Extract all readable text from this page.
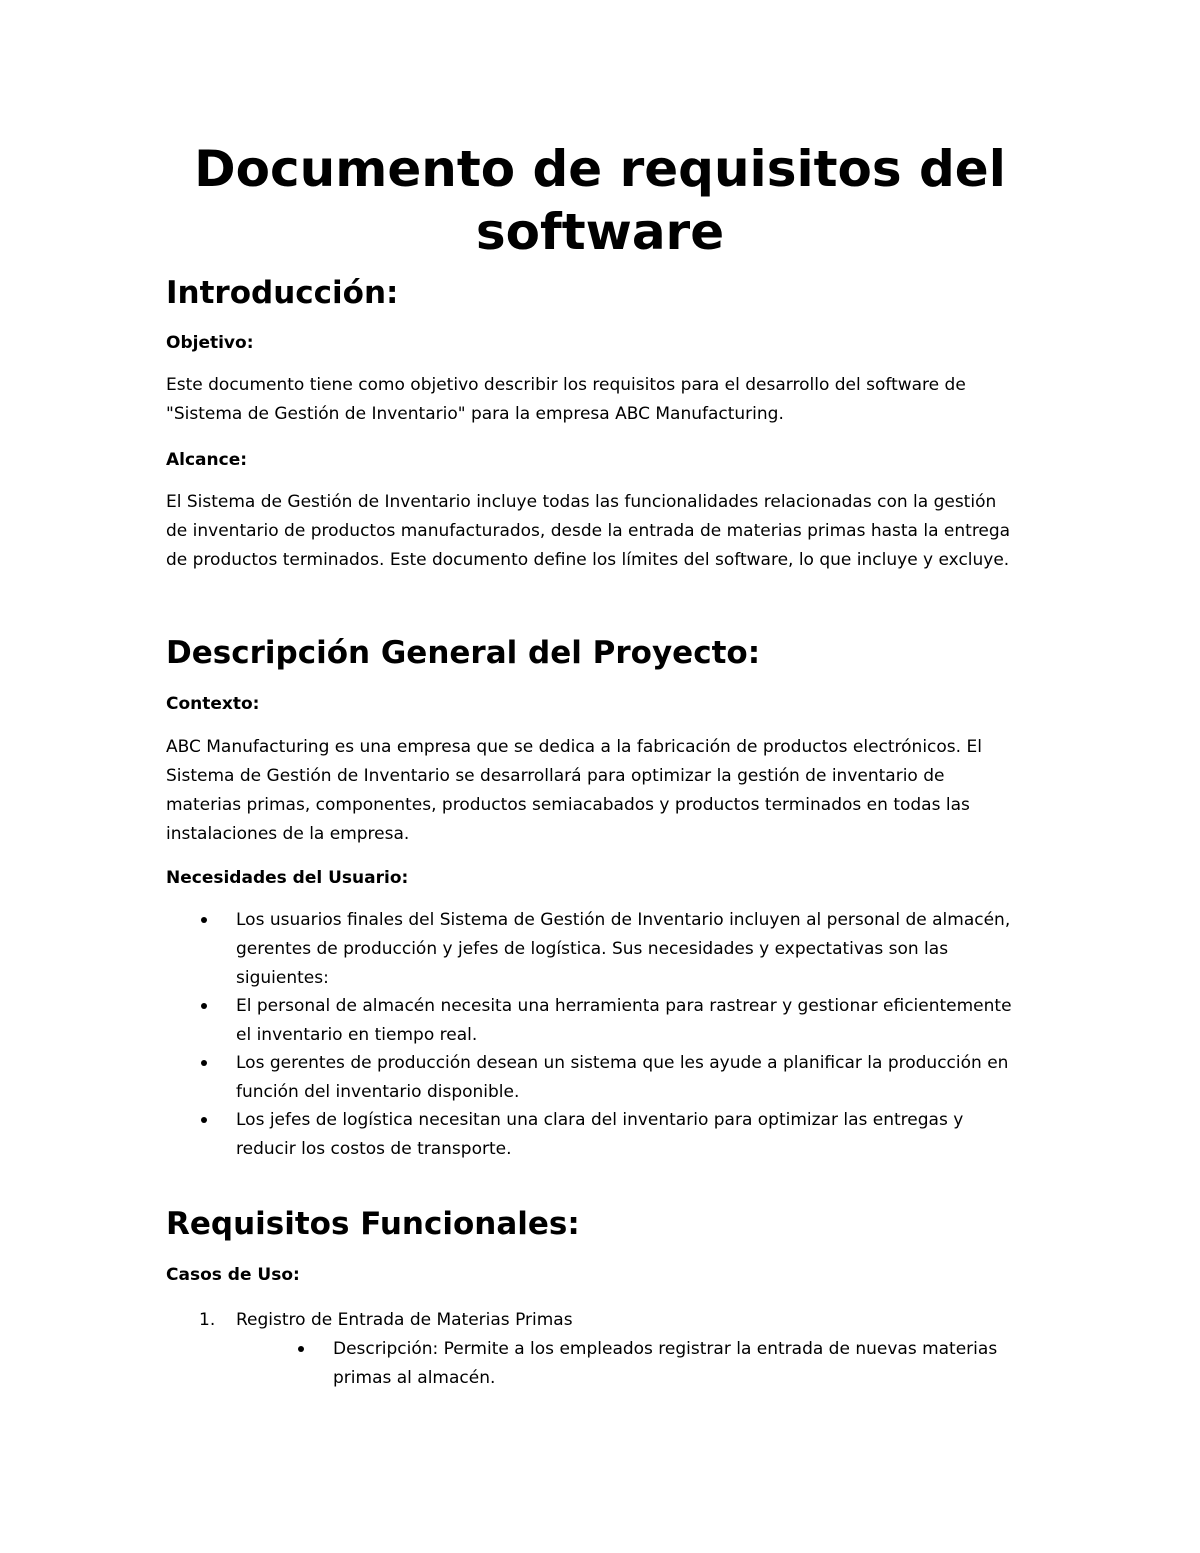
Documento de requisitos del
software
Introducción:

Objetivo:

Este documento tiene como objetivo describir los requisitos para el desarrollo del software de
"Sistema de Gestión de Inventario" para la empresa ABC Manufacturing.

Alcance:

El Sistema de Gestión de Inventario incluye todas las funcionalidades relacionadas con la gestión
de inventario de productos manufacturados, desde la entrada de materias primas hasta la entrega
de productos terminados. Este documento define los límites del software, lo que incluye y excluye.

Descripción General del Proyecto:

Contexto:

ABC Manufacturing es una empresa que se dedica a la fabricación de productos electrónicos. El
Sistema de Gestión de Inventario se desarrollará para optimizar la gestión de inventario de
materias primas, componentes, productos semiacabados y productos terminados en todas las
instalaciones de la empresa.

Necesidades del Usuario:

Los usuarios finales del Sistema de Gestión de Inventario incluyen al personal de almacén,
gerentes de producción y jefes de logística. Sus necesidades y expectativas son las
siguientes:

El personal de almacén necesita una herramienta para rastrear y gestionar eficientemente
el inventario en tiempo real.

Los gerentes de producción desean un sistema que les ayude a planificar la producción en
función del inventario disponible.

Los jefes de logística necesitan una clara del inventario para optimizar las entregas y
reducir los costos de transporte.

Requisitos Funcionales:

Casos de Uso:

1. Registro de Entrada de Materias Primas

Descripción: Permite a los empleados registrar la entrada de nuevas materias
primas al almacén.
